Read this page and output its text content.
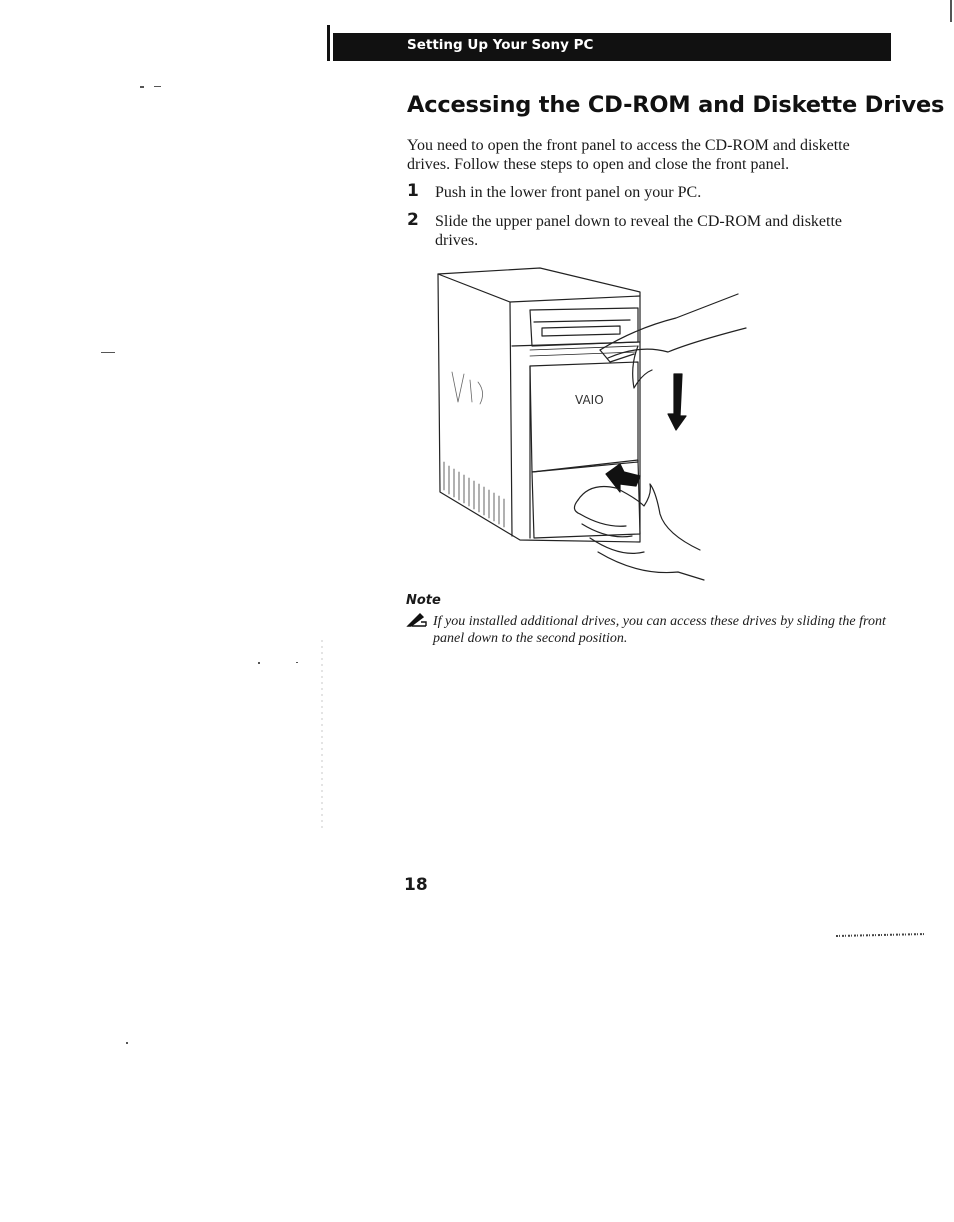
Setting Up Your Sony PC
Accessing the CD-ROM and Diskette Drives

You need to open the front panel to access the CD-ROM and diskette drives. Follow these steps to open and close the front panel.

1 Push in the lower front panel on your PC.
2 Slide the upper panel down to reveal the CD-ROM and diskette drives.
VAIO
Note

If you installed additional drives, you can access these drives by sliding the front panel down to the second position.

18
